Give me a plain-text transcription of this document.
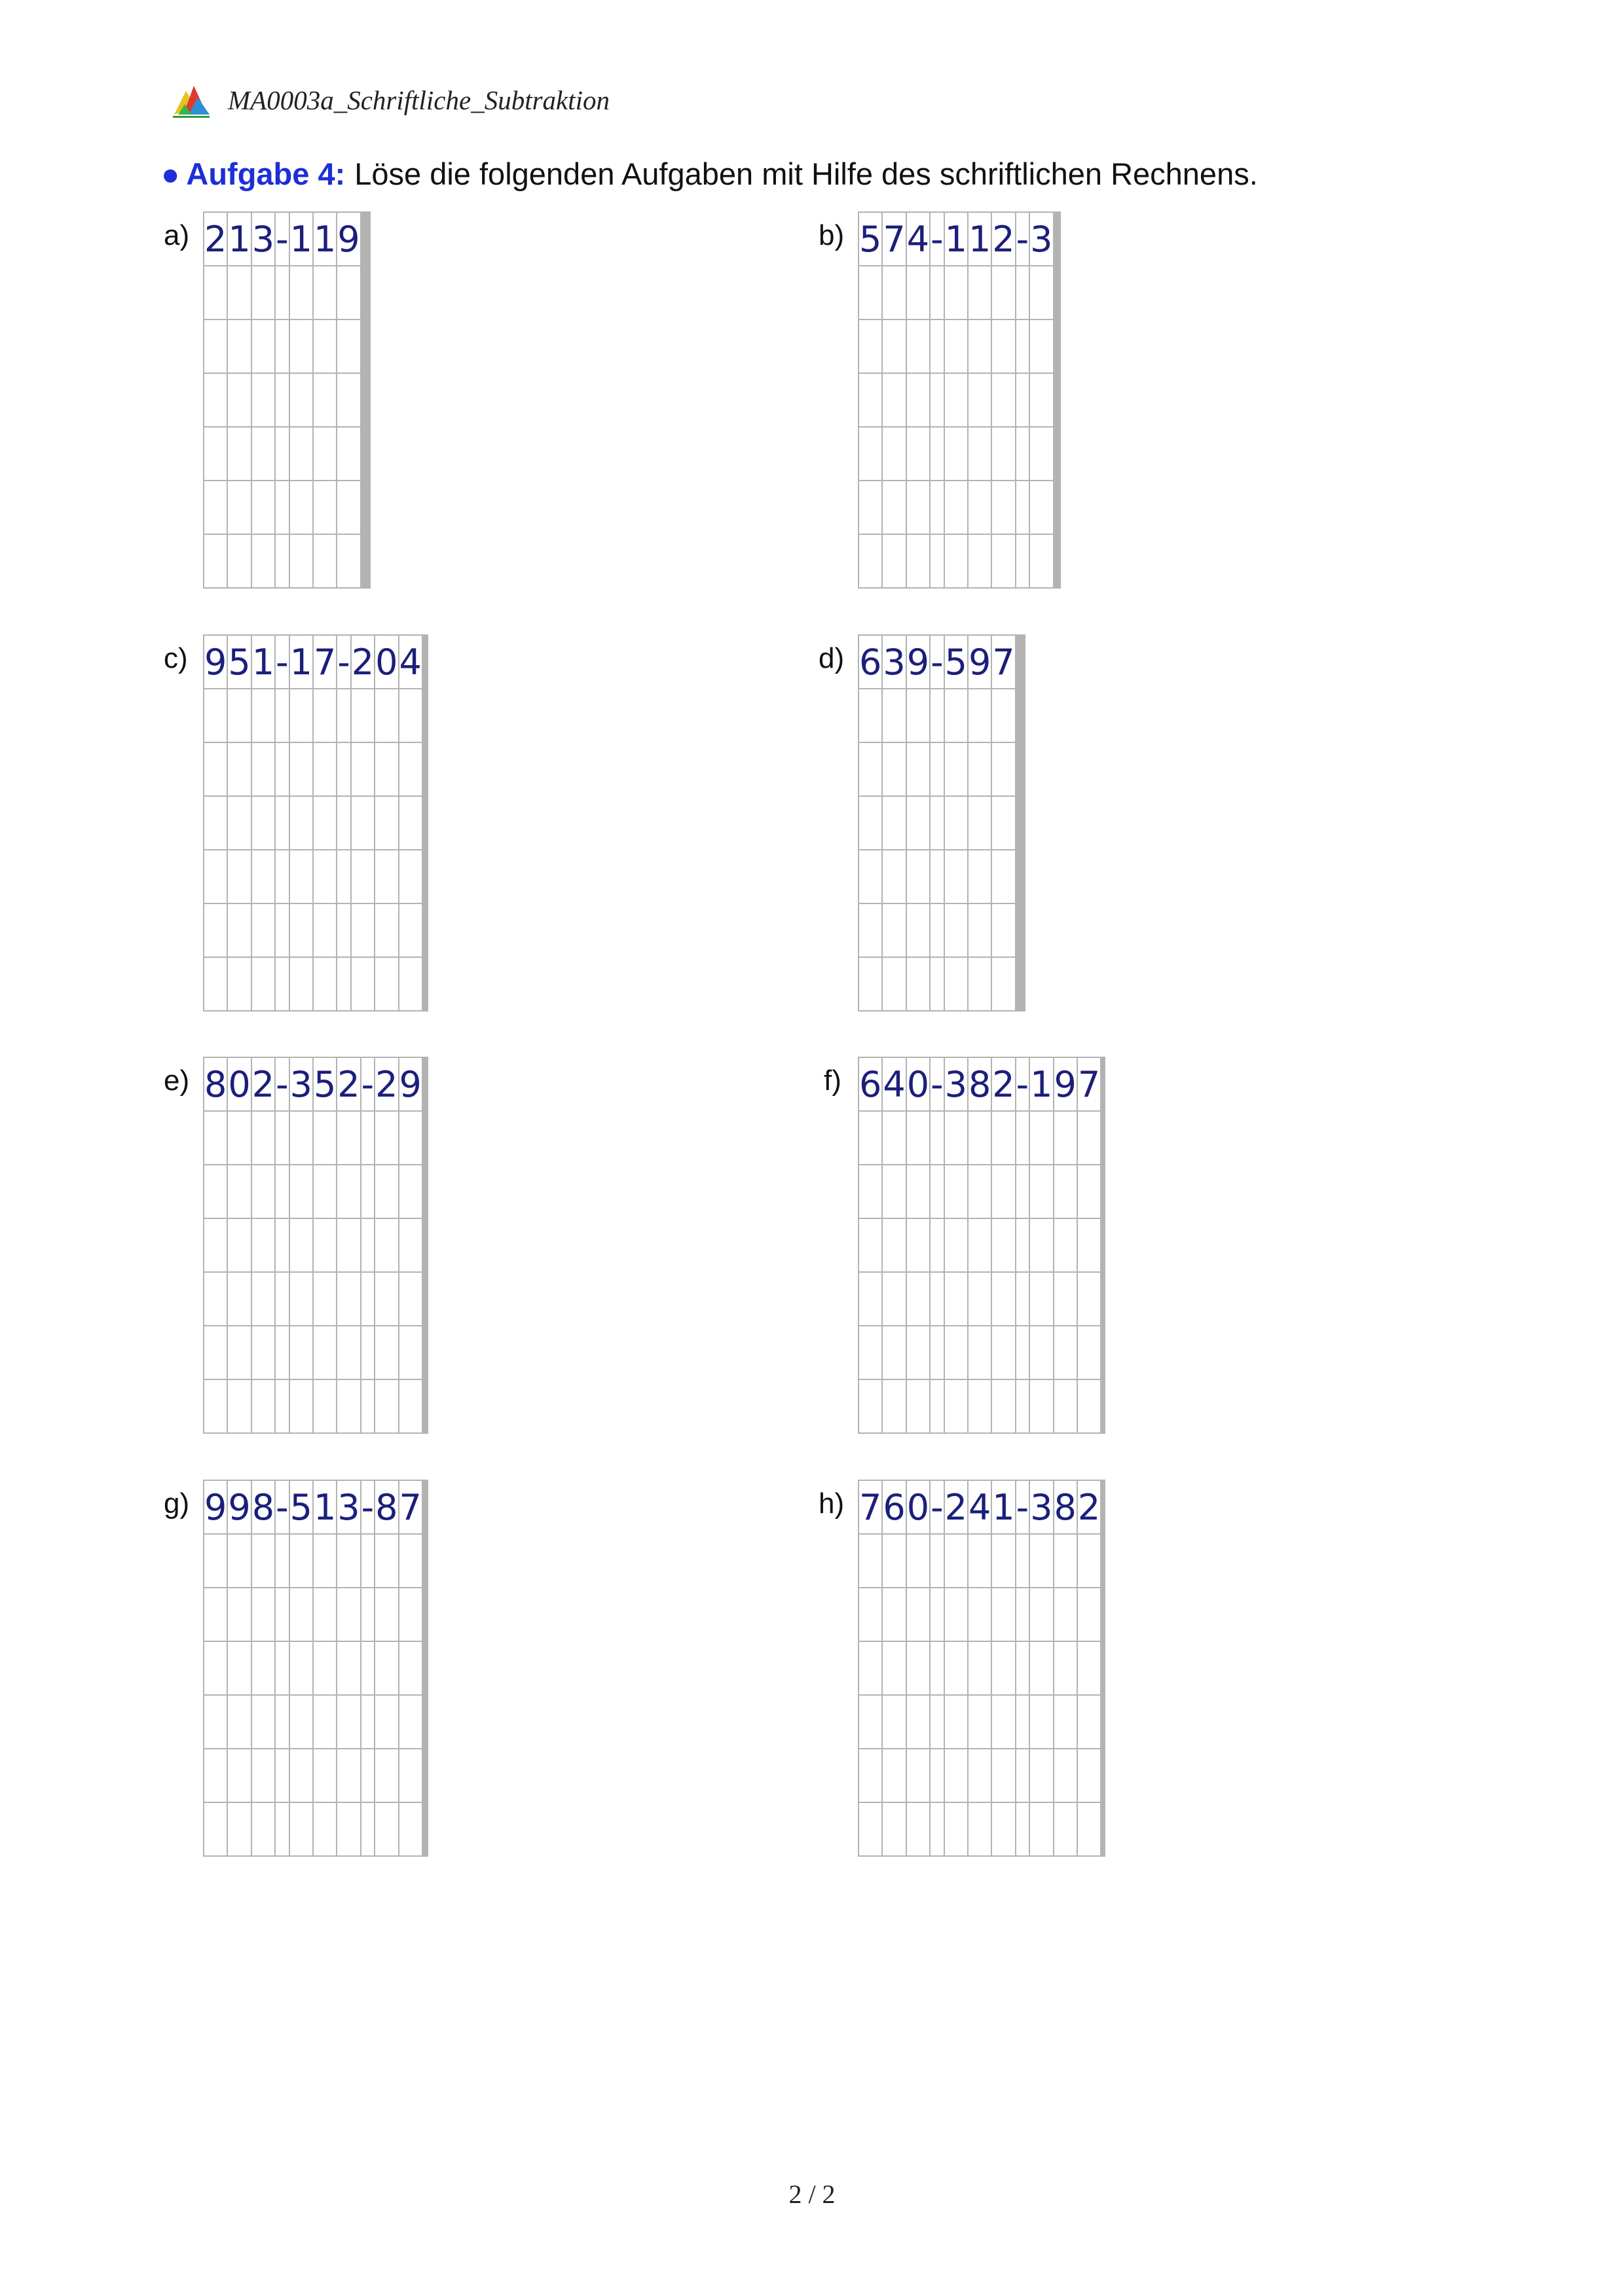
MA0003a_Schriftliche_Subtraktion
● Aufgabe 4: Löse die folgenden Aufgaben mit Hilfe des schriftlichen Rechnens.
a) 2	1	3	-	1	1	9							

														b) 5	7	4	-	1	1	2	-	3					

c) 9	5	1	-	1	7	-	2	0	4				

														d) 6	3	9	-	5	9	7							

e) 8	0	2	-	3	5	2	-	2	9				

														f) 6	4	0	-	3	8	2	-	1	9	7			

g) 9	9	8	-	5	1	3	-	8	7				

														h) 7	6	0	-	2	4	1	-	3	8	2			

2 / 2
